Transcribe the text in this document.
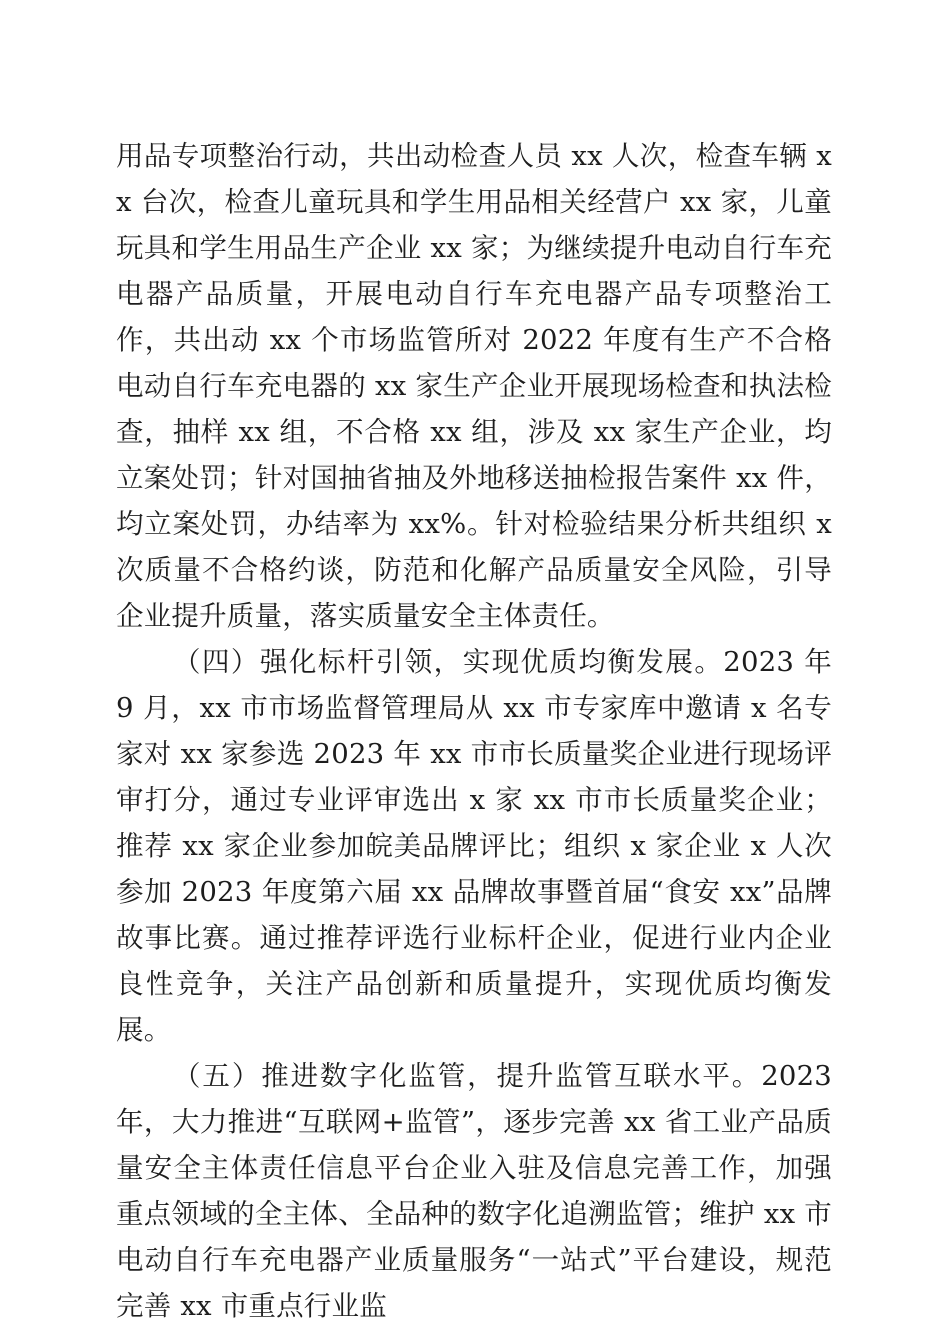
用品专项整治行动，共出动检查人员 xx 人次，检查车辆 xx 台次，检查儿童玩具和学生用品相关经营户 xx 家，儿童玩具和学生用品生产企业 xx 家；为继续提升电动自行车充电器产品质量，开展电动自行车充电器产品专项整治工作，共出动 xx 个市场监管所对 2022 年度有生产不合格电动自行车充电器的 xx 家生产企业开展现场检查和执法检查，抽样 xx 组，不合格 xx 组，涉及 xx 家生产企业，均立案处罚；针对国抽省抽及外地移送抽检报告案件 xx 件，均立案处罚，办结率为 xx%。针对检验结果分析共组织 x 次质量不合格约谈，防范和化解产品质量安全风险，引导企业提升质量，落实质量安全主体责任。

（四）强化标杆引领，实现优质均衡发展。2023 年 9 月，xx 市市场监督管理局从 xx 市专家库中邀请 x 名专家对 xx 家参选 2023 年 xx 市市长质量奖企业进行现场评审打分，通过专业评审选出 x 家 xx 市市长质量奖企业；推荐 xx 家企业参加皖美品牌评比；组织 x 家企业 x 人次参加 2023 年度第六届 xx 品牌故事暨首届“食安 xx”品牌故事比赛。通过推荐评选行业标杆企业，促进行业内企业良性竞争，关注产品创新和质量提升，实现优质均衡发展。

（五）推进数字化监管，提升监管互联水平。2023 年，大力推进“互联网+监管”，逐步完善 xx 省工业产品质量安全主体责任信息平台企业入驻及信息完善工作，加强重点领域的全主体、全品种的数字化追溯监管；维护 xx 市电动自行车充电器产业质量服务“一站式”平台建设，规范完善 xx 市重点行业监
